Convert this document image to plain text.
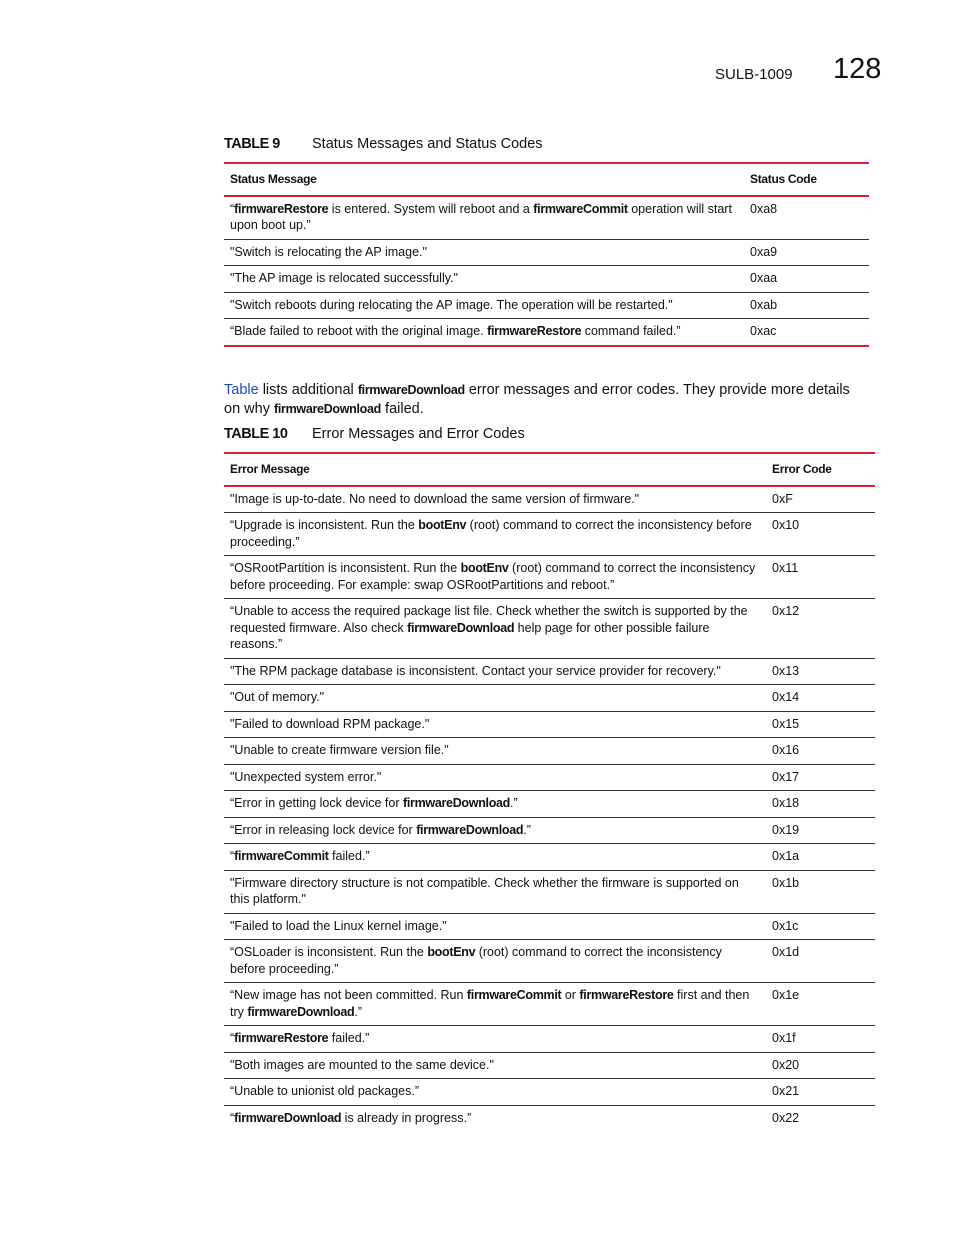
SULB-1009 128
TABLE 9 Status Messages and Status Codes
Status Message	Status Code
“firmwareRestore is entered. System will reboot and a firmwareCommit operation will start upon boot up.”	0xa8
"Switch is relocating the AP image."	0xa9
"The AP image is relocated successfully."	0xaa
"Switch reboots during relocating the AP image. The operation will be restarted."	0xab
“Blade failed to reboot with the original image. firmwareRestore command failed.”	0xac
Table lists additional firmwareDownload error messages and error codes. They provide more details on why firmwareDownload failed.
TABLE 10 Error Messages and Error Codes
Error Message	Error Code
"Image is up-to-date. No need to download the same version of firmware."	0xF
“Upgrade is inconsistent. Run the bootEnv (root) command to correct the inconsistency before proceeding.”	0x10
“OSRootPartition is inconsistent. Run the bootEnv (root) command to correct the inconsistency before proceeding. For example: swap OSRootPartitions and reboot.”	0x11
“Unable to access the required package list file. Check whether the switch is supported by the requested firmware. Also check firmwareDownload help page for other possible failure reasons.”	0x12
"The RPM package database is inconsistent. Contact your service provider for recovery."	0x13
"Out of memory."	0x14
"Failed to download RPM package."	0x15
"Unable to create firmware version file."	0x16
"Unexpected system error."	0x17
“Error in getting lock device for firmwareDownload.”	0x18
“Error in releasing lock device for firmwareDownload.”	0x19
“firmwareCommit failed.”	0x1a
"Firmware directory structure is not compatible. Check whether the firmware is supported on this platform."	0x1b
"Failed to load the Linux kernel image."	0x1c
“OSLoader is inconsistent. Run the bootEnv (root) command to correct the inconsistency before proceeding.”	0x1d
“New image has not been committed. Run firmwareCommit or firmwareRestore first and then try firmwareDownload.”	0x1e
“firmwareRestore failed.”	0x1f
"Both images are mounted to the same device."	0x20
“Unable to unionist old packages.”	0x21
“firmwareDownload is already in progress.”	0x22
